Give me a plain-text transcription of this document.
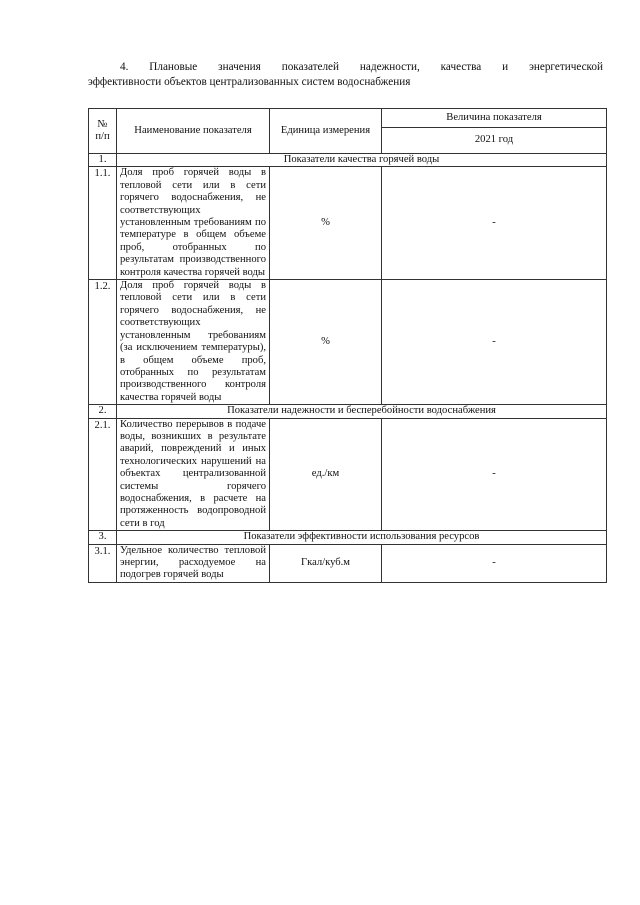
4. Плановые значения показателей надежности, качества и энергетической
эффективности объектов централизованных систем водоснабжения
№ п/п	Наименование показателя	Единица измерения	Величина показателя
			2021 год
1.	Показатели качества горячей воды		
1.1.	Доля проб горячей воды в тепловой сети или в сети горячего водоснабжения, не соответствующих установленным требованиям по температуре в общем объеме проб, отобранных по результатам производственного контроля качества горячей воды	%	-
1.2.	Доля проб горячей воды в тепловой сети или в сети горячего водоснабжения, не соответствующих установленным требованиям (за исключением температуры), в общем объеме проб, отобранных по результатам производственного контроля качества горячей воды	%	-
2.	Показатели надежности и бесперебойности водоснабжения		
2.1.	Количество перерывов в подаче воды, возникших в результате аварий, повреждений и иных технологических нарушений на объектах централизованной системы горячего водоснабжения, в расчете на протяженность водопроводной сети в год	ед./км	-
3.	Показатели эффективности использования ресурсов		
3.1.	Удельное количество тепловой энергии, расходуемое на подогрев горячей воды	Гкал/куб.м	-
